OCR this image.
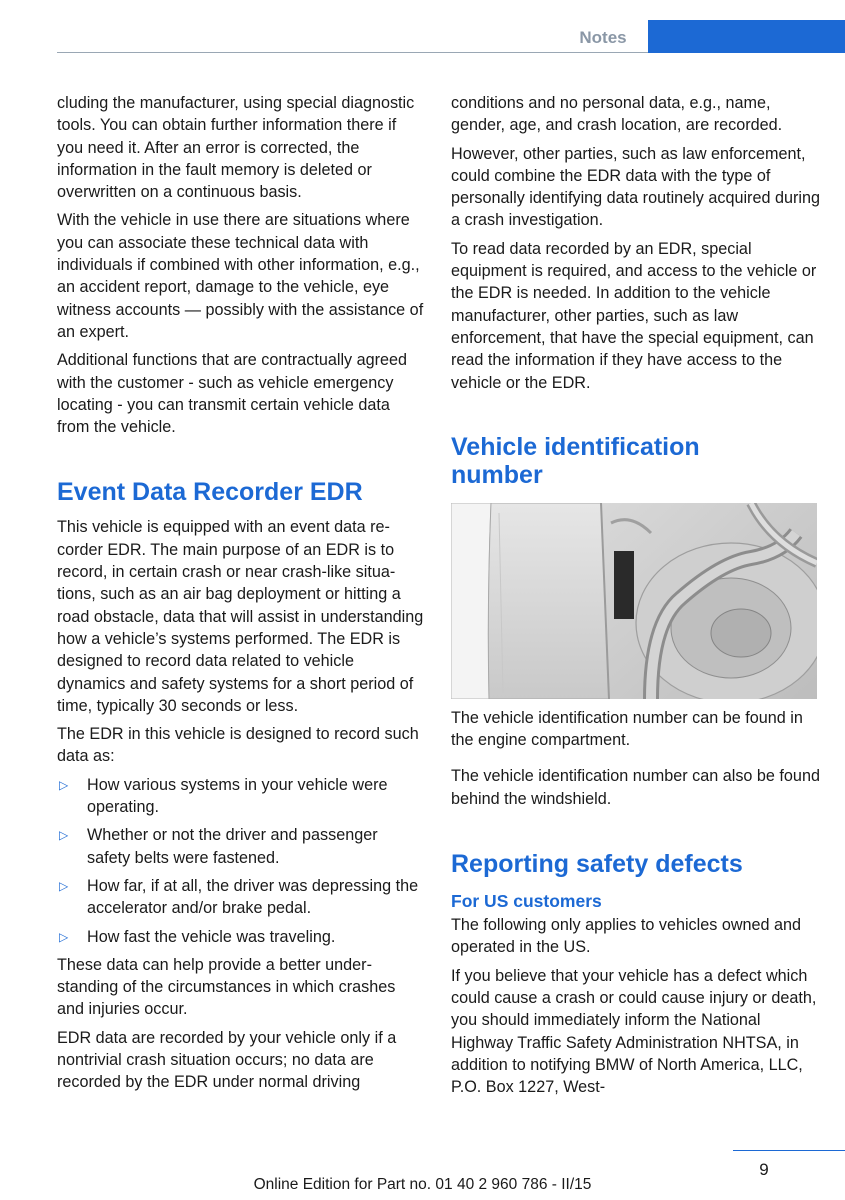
Notes

cluding the manufacturer, using special diagnostic tools. You can obtain further information there if you need it. After an error is corrected, the information in the fault memory is deleted or overwritten on a continuous basis.

With the vehicle in use there are situations where you can associate these technical data with individuals if combined with other information, e.g., an accident report, damage to the vehicle, eye witness accounts — possibly with the assistance of an expert.

Additional functions that are contractually agreed with the customer - such as vehicle emergency locating - you can transmit certain vehicle data from the vehicle.

Event Data Recorder EDR

This vehicle is equipped with an event data recorder EDR. The main purpose of an EDR is to record, in certain crash or near crash-like situations, such as an air bag deployment or hitting a road obstacle, data that will assist in understanding how a vehicle’s systems performed. The EDR is designed to record data related to vehicle dynamics and safety systems for a short period of time, typically 30 seconds or less.

The EDR in this vehicle is designed to record such data as:

▷ How various systems in your vehicle were operating.
▷ Whether or not the driver and passenger safety belts were fastened.
▷ How far, if at all, the driver was depressing the accelerator and/or brake pedal.
▷ How fast the vehicle was traveling.

These data can help provide a better understanding of the circumstances in which crashes and injuries occur.

EDR data are recorded by your vehicle only if a nontrivial crash situation occurs; no data are recorded by the EDR under normal driving

conditions and no personal data, e.g., name, gender, age, and crash location, are recorded.

However, other parties, such as law enforcement, could combine the EDR data with the type of personally identifying data routinely acquired during a crash investigation.

To read data recorded by an EDR, special equipment is required, and access to the vehicle or the EDR is needed. In addition to the vehicle manufacturer, other parties, such as law enforcement, that have the special equipment, can read the information if they have access to the vehicle or the EDR.

Vehicle identification number

The vehicle identification number can be found in the engine compartment.

The vehicle identification number can also be found behind the windshield.

Reporting safety defects
For US customers

The following only applies to vehicles owned and operated in the US.

If you believe that your vehicle has a defect which could cause a crash or could cause injury or death, you should immediately inform the National Highway Traffic Safety Administration NHTSA, in addition to notifying BMW of North America, LLC, P.O. Box 1227, West-

9
Online Edition for Part no. 01 40 2 960 786 - II/15
